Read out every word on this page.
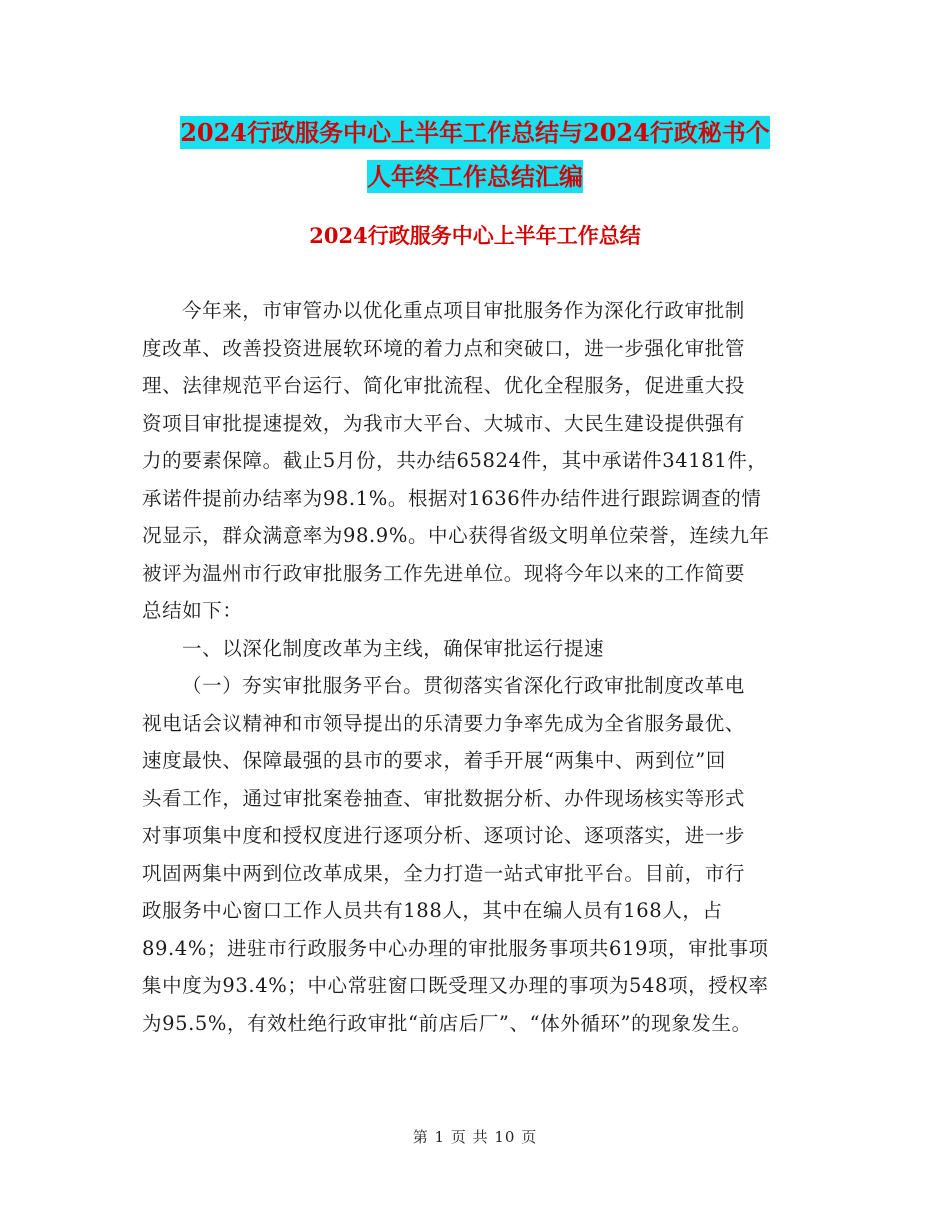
2024行政服务中心上半年工作总结与2024行政秘书个
人年终工作总结汇编
2024行政服务中心上半年工作总结
今年来，市审管办以优化重点项目审批服务作为深化行政审批制
度改革、改善投资进展软环境的着力点和突破口，进一步强化审批管
理、法律规范平台运行、简化审批流程、优化全程服务，促进重大投
资项目审批提速提效，为我市大平台、大城市、大民生建设提供强有
力的要素保障。截止5月份，共办结65824件，其中承诺件34181件，
承诺件提前办结率为98.1%。根据对1636件办结件进行跟踪调查的情
况显示，群众满意率为98.9%。中心获得省级文明单位荣誉，连续九年
被评为温州市行政审批服务工作先进单位。现将今年以来的工作简要
总结如下：
一、以深化制度改革为主线，确保审批运行提速
（一）夯实审批服务平台。贯彻落实省深化行政审批制度改革电
视电话会议精神和市领导提出的乐清要力争率先成为全省服务最优、
速度最快、保障最强的县市的要求，着手开展“两集中、两到位”回
头看工作，通过审批案卷抽查、审批数据分析、办件现场核实等形式
对事项集中度和授权度进行逐项分析、逐项讨论、逐项落实，进一步
巩固两集中两到位改革成果，全力打造一站式审批平台。目前，市行
政服务中心窗口工作人员共有188人，其中在编人员有168人，占
89.4%；进驻市行政服务中心办理的审批服务事项共619项，审批事项
集中度为93.4%；中心常驻窗口既受理又办理的事项为548项，授权率
为95.5%，有效杜绝行政审批“前店后厂”、“体外循环”的现象发生。
第 1 页 共 10 页
